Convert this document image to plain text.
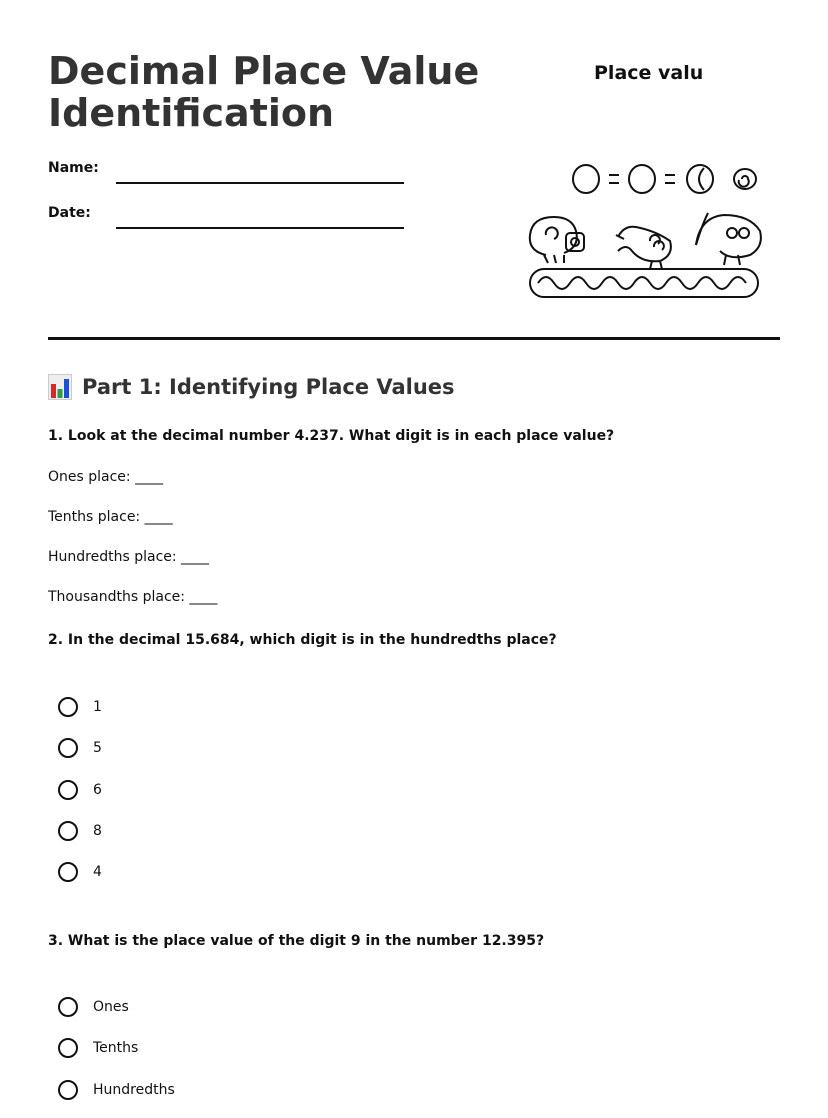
Decimal Place Value Identification
Name:
Date:
Place valu
Part 1: Identifying Place Values

1. Look at the decimal number 4.237. What digit is in each place value?

Ones place: ____

Tenths place: ____

Hundredths place: ____

Thousandths place: ____

2. In the decimal 15.684, which digit is in the hundredths place?

1
5
6
8
4

3. What is the place value of the digit 9 in the number 12.395?

Ones
Tenths
Hundredths
